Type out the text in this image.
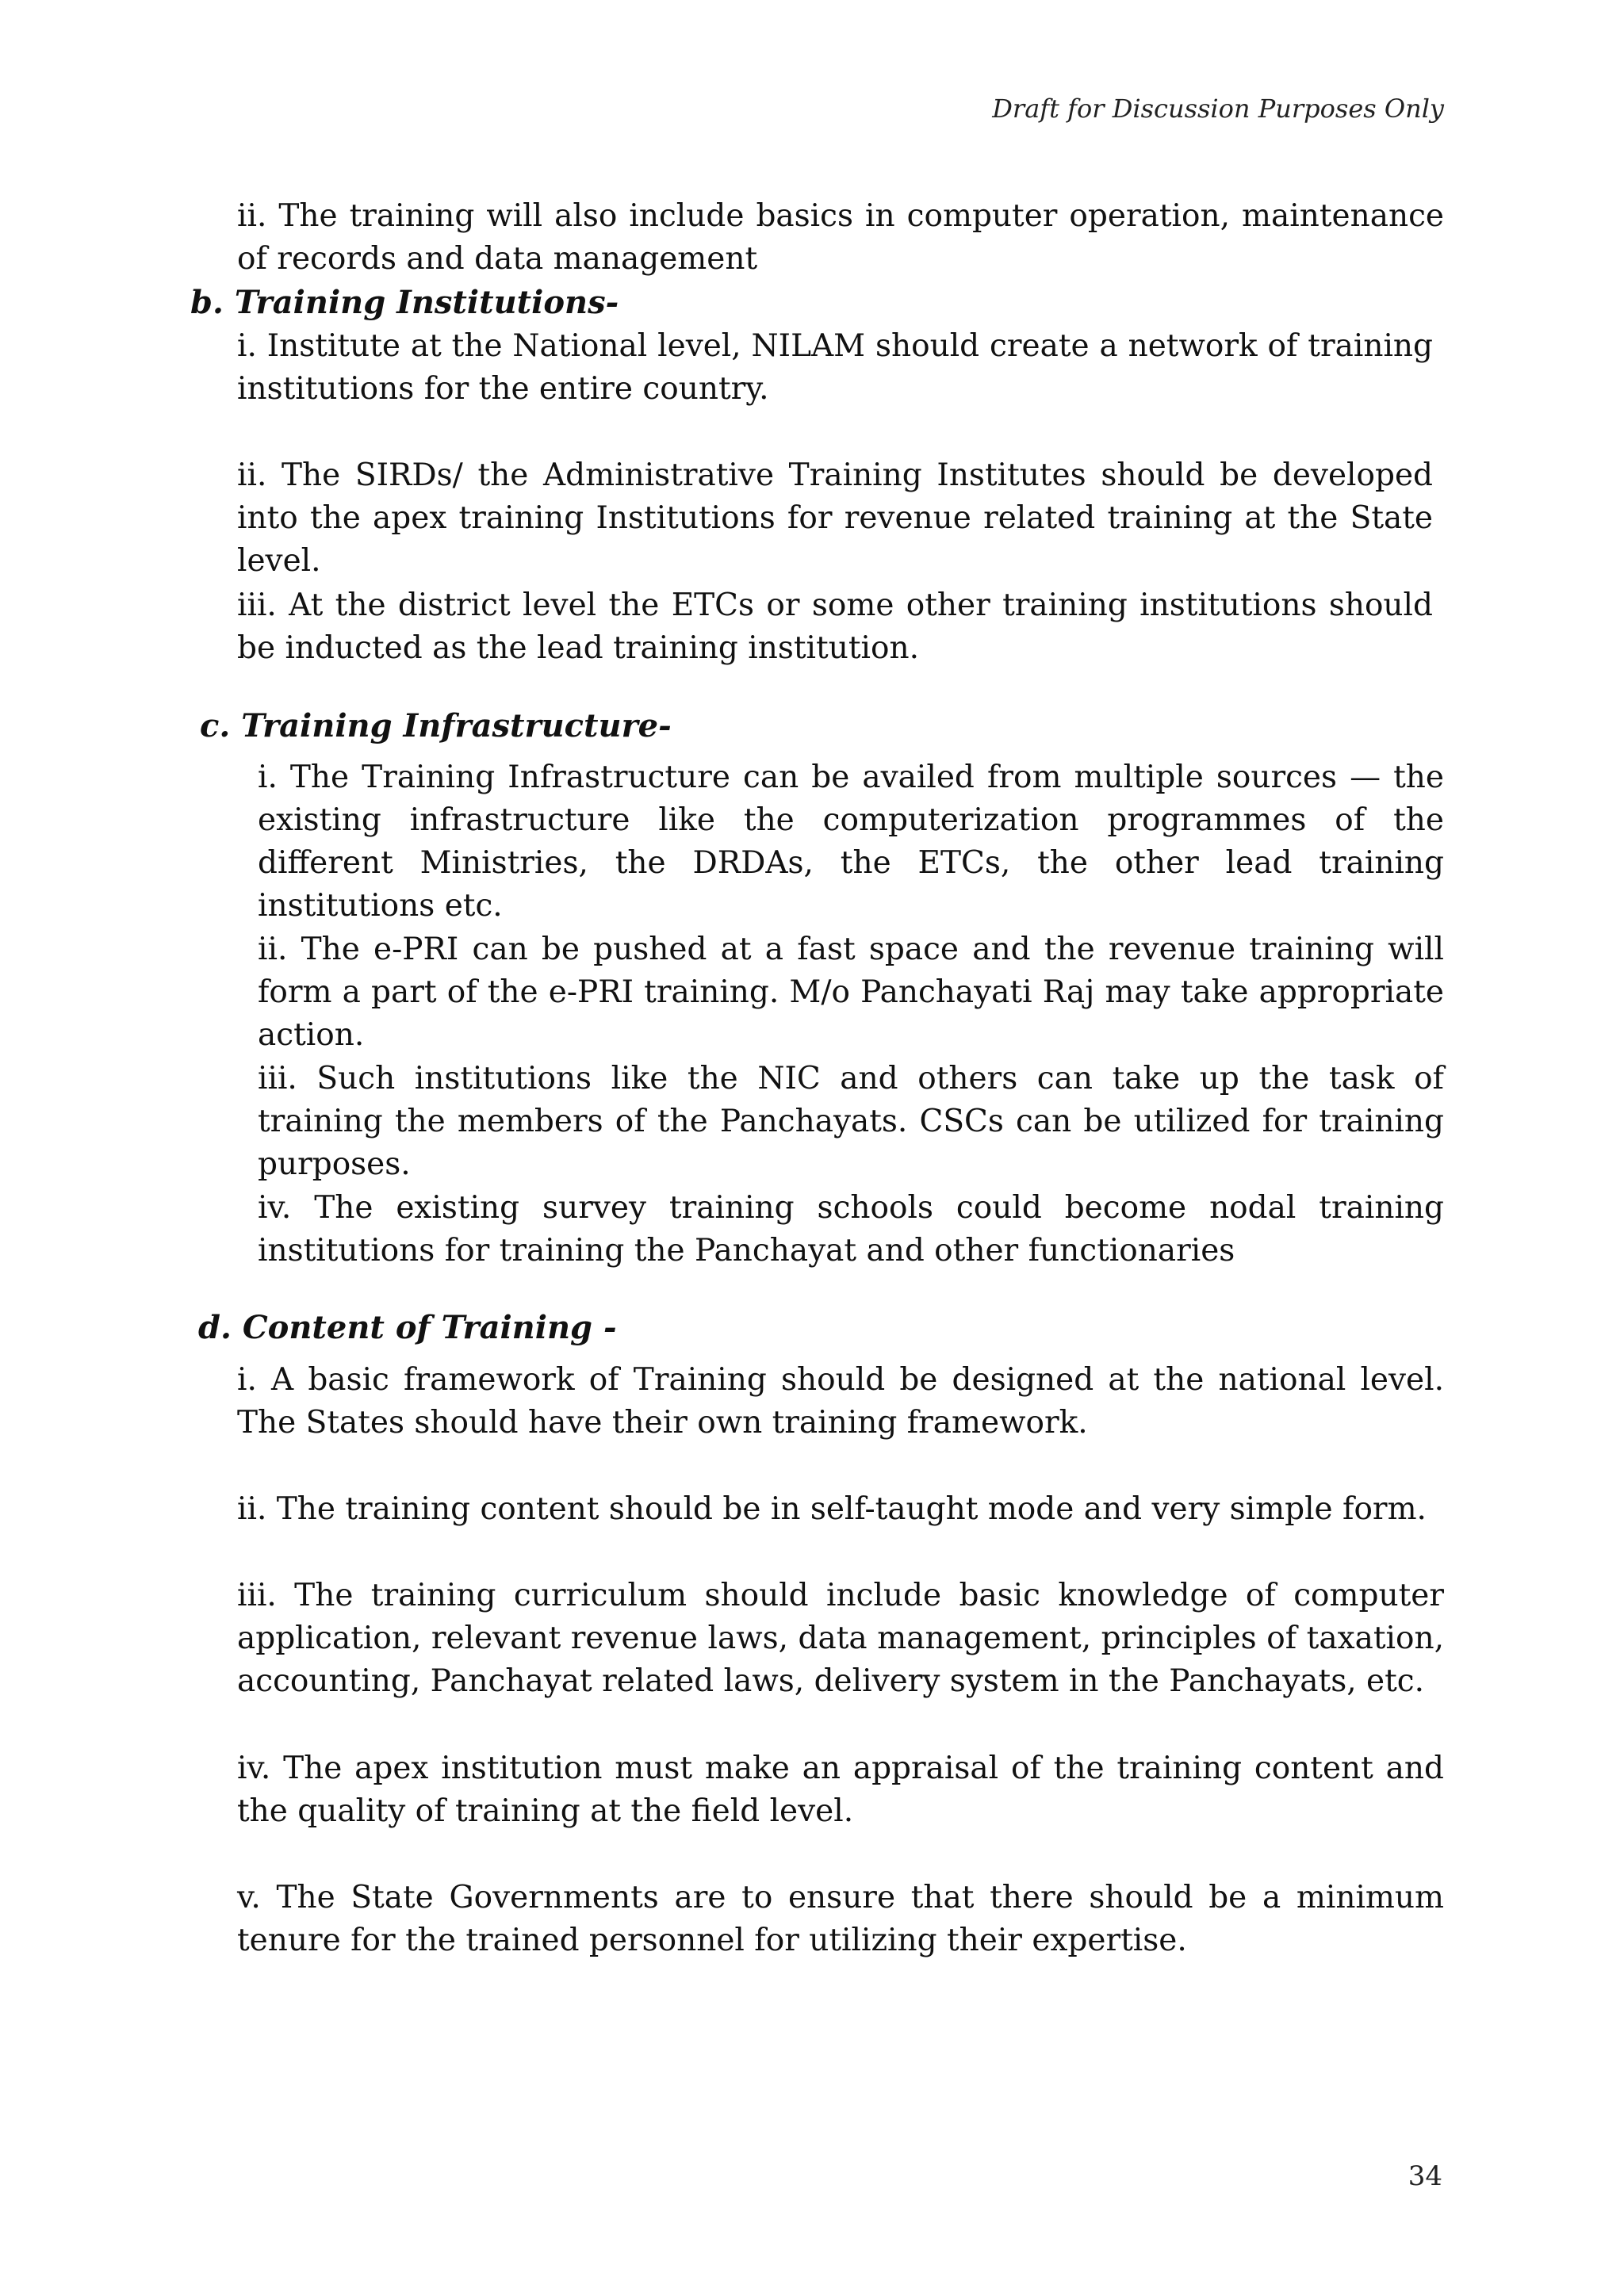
Draft for Discussion Purposes Only
ii. The training will also include basics in computer operation, maintenance of records and data management
b. Training Institutions-
i. Institute at the National level, NILAM should create a network of training institutions for the entire country.
ii. The SIRDs/ the Administrative Training Institutes should be developed into the apex training Institutions for revenue related training at the State level.
iii. At the district level the ETCs or some other training institutions should be inducted as the lead training institution.
c. Training Infrastructure-
i. The Training Infrastructure can be availed from multiple sources — the existing infrastructure like the computerization programmes of the different Ministries, the DRDAs, the ETCs, the other lead training institutions etc.
ii. The e-PRI can be pushed at a fast space and the revenue training will form a part of the e-PRI training. M/o Panchayati Raj may take appropriate action.
iii. Such institutions like the NIC and others can take up the task of training the members of the Panchayats. CSCs can be utilized for training purposes.
iv. The existing survey training schools could become nodal training institutions for training the Panchayat and other functionaries
d. Content of Training -
i. A basic framework of Training should be designed at the national level. The States should have their own training framework.
ii. The training content should be in self-taught mode and very simple form.
iii. The training curriculum should include basic knowledge of computer application, relevant revenue laws, data management, principles of taxation, accounting, Panchayat related laws, delivery system in the Panchayats, etc.
iv. The apex institution must make an appraisal of the training content and the quality of training at the field level.
v. The State Governments are to ensure that there should be a minimum tenure for the trained personnel for utilizing their expertise.
34
